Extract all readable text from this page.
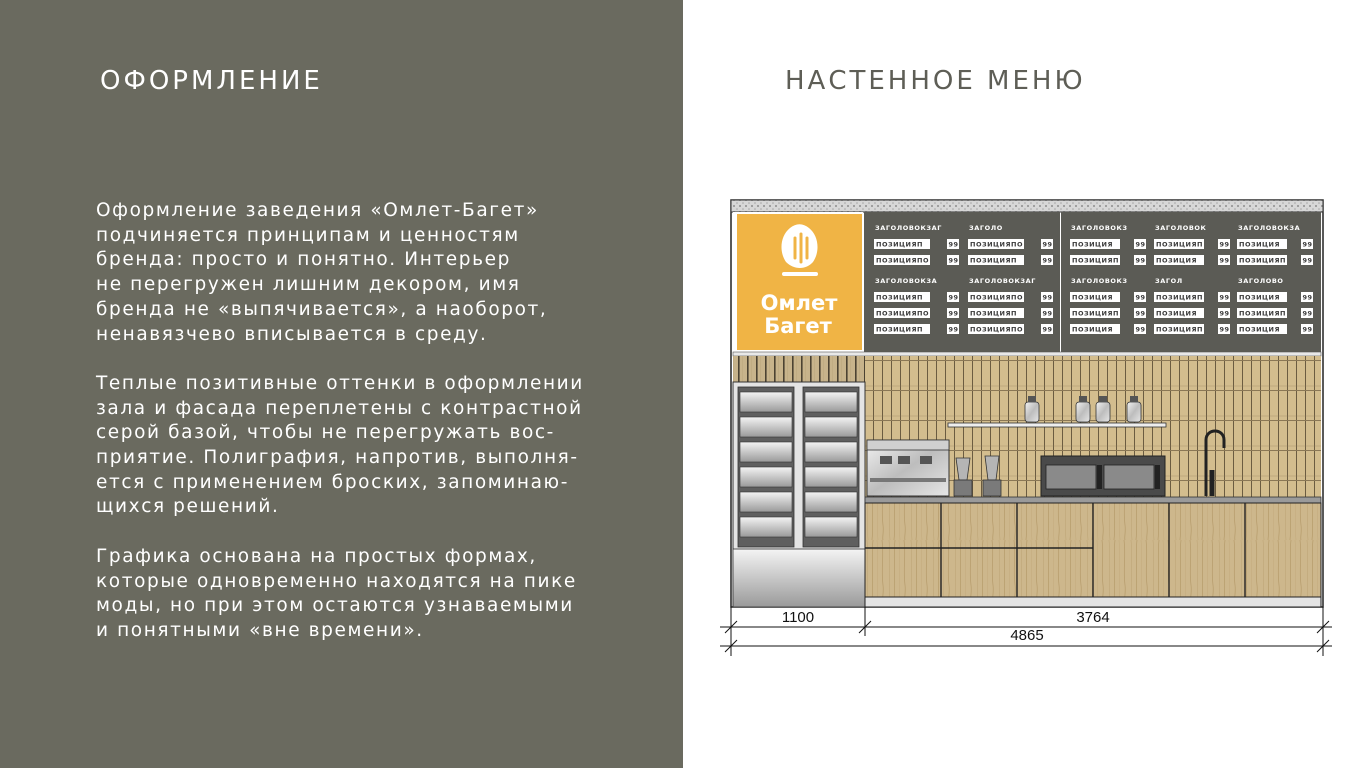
ОФОРМЛЕНИЕ
Оформление заведения «Омлет-Багет»
подчиняется принципам и ценностям
бренда: просто и понятно. Интерьер
не перегружен лишним декором, имя
бренда не «выпячивается», а наоборот,
ненавязчево вписывается в среду.
Теплые позитивные оттенки в оформлении
зала и фасада переплетены с контрастной
серой базой, чтобы не перегружать вос-
приятие. Полиграфия, напротив, выполня-
ется с применением броских, запоминаю-
щихся решений.
Графика основана на простых формах,
которые одновременно находятся на пике
моды, но при этом остаются узнаваемыми
и понятными «вне времени».
НАСТЕННОЕ МЕНЮ
Омлет
Багет
ЗАГОЛОВОКЗАГ
ПОЗИЦИЯП	99
ПОЗИЦИЯПО	99
ЗАГОЛОВОКЗА
ПОЗИЦИЯП	99
ПОЗИЦИЯПО	99
ПОЗИЦИЯП	99
ЗАГОЛО
ПОЗИЦИЯПО	99
ПОЗИЦИЯП	99
ЗАГОЛОВОКЗАГ
ПОЗИЦИЯПО	99
ПОЗИЦИЯП	99
ПОЗИЦИЯПО	99
ЗАГОЛОВОКЗ
ПОЗИЦИЯ	99
ПОЗИЦИЯП	99
ЗАГОЛОВОКЗ
ПОЗИЦИЯ	99
ПОЗИЦИЯП	99
ПОЗИЦИЯ	99
ЗАГОЛОВОК
ПОЗИЦИЯП	99
ПОЗИЦИЯ	99
ЗАГОЛ
ПОЗИЦИЯП	99
ПОЗИЦИЯ	99
ПОЗИЦИЯП	99
ЗАГОЛОВОКЗА
ПОЗИЦИЯ	99
ПОЗИЦИЯП	99
ЗАГОЛОВО
ПОЗИЦИЯ	99
ПОЗИЦИЯП	99
ПОЗИЦИЯ	99
1100	3764
4865
